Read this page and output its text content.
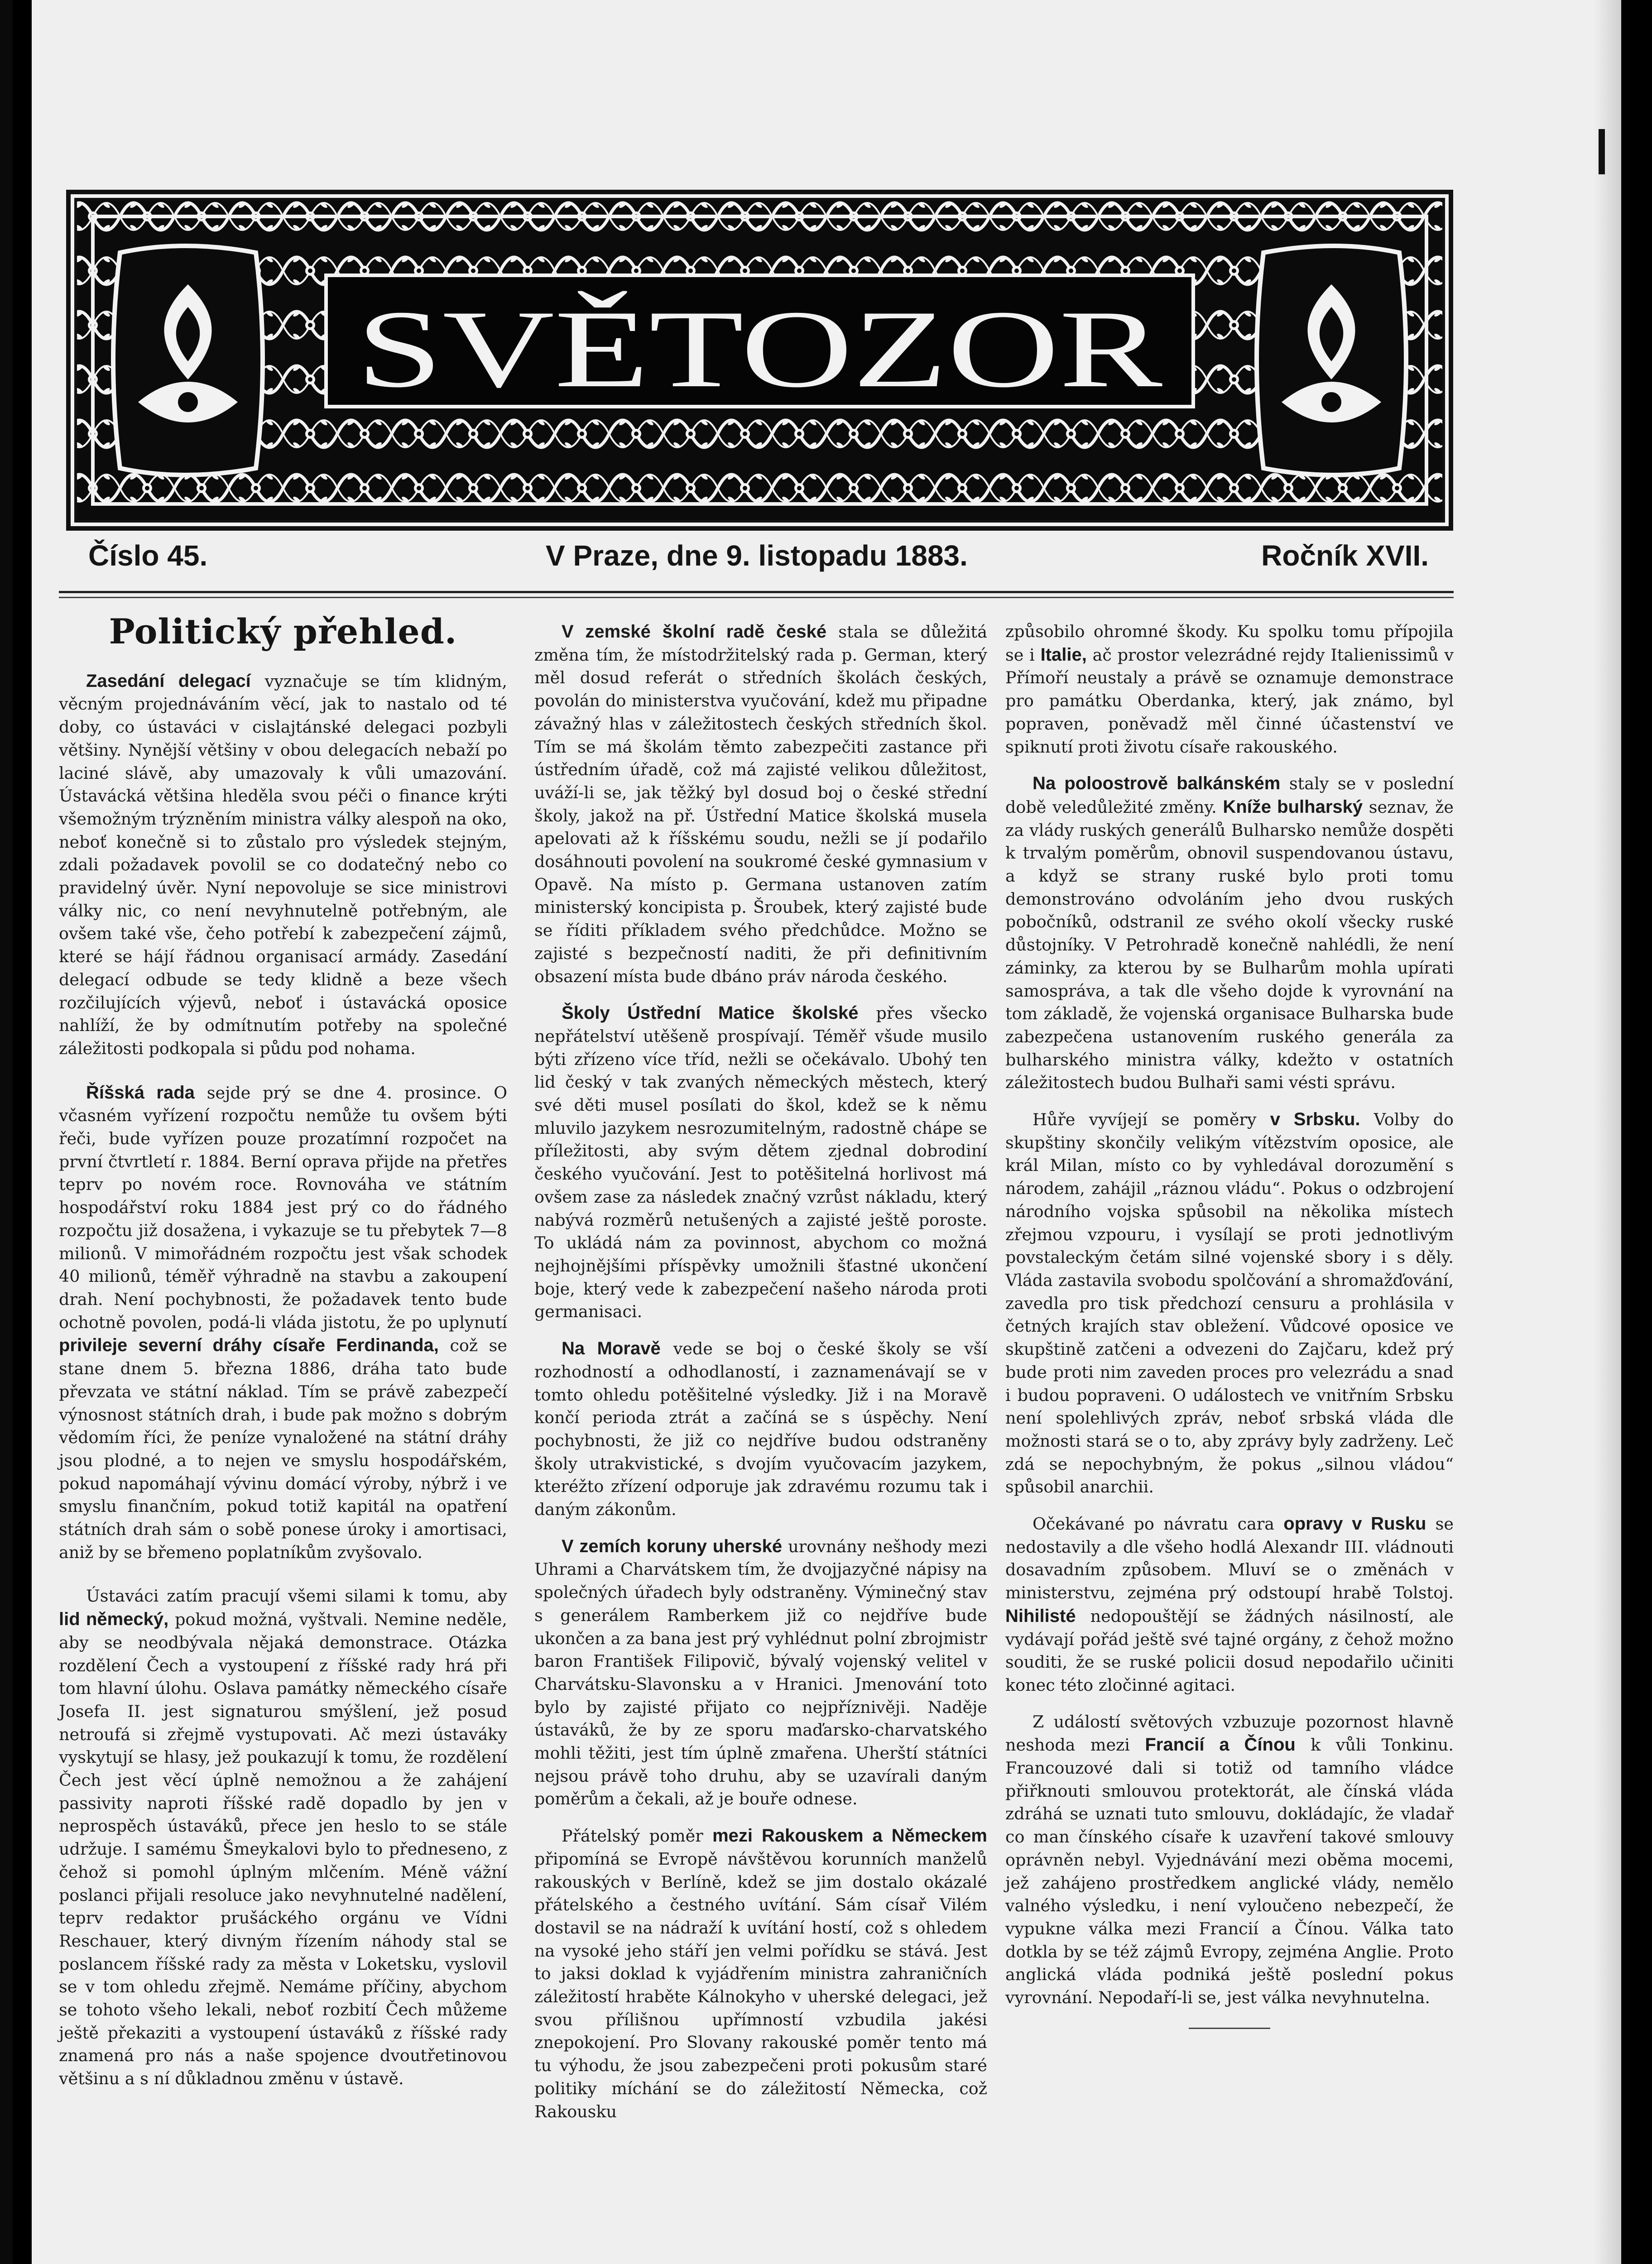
SVĚTOZOR
Číslo 45.	V Praze, dne 9. listopadu 1883.	Ročník XVII.
Politický přehled.

Zasedání delegací vyznačuje se tím klidným, věcným projednáváním věcí, jak to nastalo od té doby, co ústaváci v cislajtánské delegaci pozbyli většiny. Nynější většiny v obou delegacích nebaží po laciné slávě, aby umazovaly k vůli umazování. Ústavácká většina hleděla svou péči o finance krýti všemožným trýzněním ministra války alespoň na oko, neboť konečně si to zůstalo pro výsledek stejným, zdali požadavek povolil se co dodatečný nebo co pravidelný úvěr. Nyní nepovoluje se sice ministrovi války nic, co není nevyhnutelně potřebným, ale ovšem také vše, čeho potřebí k zabezpečení zájmů, které se hájí řádnou organisací armády. Zasedání delegací odbude se tedy klidně a beze všech rozčilujících výjevů, neboť i ústavácká oposice nahlíží, že by odmítnutím potřeby na společné záležitosti podkopala si půdu pod nohama.

Říšská rada sejde prý se dne 4. prosince. O včasném vyřízení rozpočtu nemůže tu ovšem býti řeči, bude vyřízen pouze prozatímní rozpočet na první čtvrtletí r. 1884. Berní oprava přijde na přetřes teprv po novém roce. Rovnováha ve státním hospodářství roku 1884 jest prý co do řádného rozpočtu již dosažena, i vykazuje se tu přebytek 7—8 milionů. V mimořádném rozpočtu jest však schodek 40 milionů, téměř výhradně na stavbu a zakoupení drah. Není pochybnosti, že požadavek tento bude ochotně povolen, podá-li vláda jistotu, že po uplynutí privileje severní dráhy císaře Ferdinanda, což se stane dnem 5. března 1886, dráha tato bude převzata ve státní náklad. Tím se právě zabezpečí výnosnost státních drah, i bude pak možno s dobrým vědomím říci, že peníze vynaložené na státní dráhy jsou plodné, a to nejen ve smyslu hospodářském, pokud napomáhají vývinu domácí výroby, nýbrž i ve smyslu finančním, pokud totiž kapitál na opatření státních drah sám o sobě ponese úroky i amortisaci, aniž by se břemeno poplatníkům zvyšovalo.

Ústaváci zatím pracují všemi silami k tomu, aby lid německý, pokud možná, vyštvali. Nemine neděle, aby se neodbývala nějaká demonstrace. Otázka rozdělení Čech a vystoupení z říšské rady hrá při tom hlavní úlohu. Oslava památky německého císaře Josefa II. jest signaturou smýšlení, jež posud netroufá si zřejmě vystupovati. Ač mezi ústaváky vyskytují se hlasy, jež poukazují k tomu, že rozdělení Čech jest věcí úplně nemožnou a že zahájení passivity naproti říšské radě dopadlo by jen v neprospěch ústaváků, přece jen heslo to se stále udržuje. I samému Šmeykalovi bylo to předneseno, z čehož si pomohl úplným mlčením. Méně vážní poslanci přijali resoluce jako nevyhnutelné nadělení, teprv redaktor prušáckého orgánu ve Vídni Reschauer, který divným řízením náhody stal se poslancem říšské rady za města v Loketsku, vyslovil se v tom ohledu zřejmě. Nemáme příčiny, abychom se tohoto všeho lekali, neboť rozbití Čech můžeme ještě překaziti a vystoupení ústaváků z říšské rady znamená pro nás a naše spojence dvoutřetinovou většinu a s ní důkladnou změnu v ústavě.

V zemské školní radě české stala se důležitá změna tím, že místodržitelský rada p. German, který měl dosud referát o středních školách českých, povolán do ministerstva vyučování, kdež mu připadne závažný hlas v záležitostech českých středních škol. Tím se má školám těmto zabezpečiti zastance při ústředním úřadě, což má zajisté velikou důležitost, uváží-li se, jak těžký byl dosud boj o české střední školy, jakož na př. Ústřední Matice školská musela apelovati až k říšskému soudu, nežli se jí podařilo dosáhnouti povolení na soukromé české gymnasium v Opavě. Na místo p. Germana ustanoven zatím ministerský koncipista p. Šroubek, který zajisté bude se říditi příkladem svého předchůdce. Možno se zajisté s bezpečností naditi, že při definitivním obsazení místa bude dbáno práv národa českého.

Školy Ústřední Matice školské přes všecko nepřátelství utěšeně prospívají. Téměř všude musilo býti zřízeno více tříd, nežli se očekávalo. Ubohý ten lid český v tak zvaných německých městech, který své děti musel posílati do škol, kdež se k němu mluvilo jazykem nesrozumitelným, radostně chápe se příležitosti, aby svým dětem zjednal dobrodiní českého vyučování. Jest to potěšitelná horlivost má ovšem zase za následek značný vzrůst nákladu, který nabývá rozměrů netušených a zajisté ještě poroste. To ukládá nám za povinnost, abychom co možná nejhojnějšími příspěvky umožnili šťastné ukončení boje, který vede k zabezpečení našeho národa proti germanisaci.

Na Moravě vede se boj o české školy se vší rozhodností a odhodlaností, i zaznamenávají se v tomto ohledu potěšitelné výsledky. Již i na Moravě končí perioda ztrát a začíná se s úspěchy. Není pochybnosti, že již co nejdříve budou odstraněny školy utrakvistické, s dvojím vyučovacím jazykem, kteréžto zřízení odporuje jak zdravému rozumu tak i daným zákonům.

V zemích koruny uherské urovnány nešhody mezi Uhrami a Charvátskem tím, že dvojjazyčné nápisy na společných úřadech byly odstraněny. Výminečný stav s generálem Ramberkem již co nejdříve bude ukončen a za bana jest prý vyhlédnut polní zbrojmistr baron František Filipovič, bývalý vojenský velitel v Charvátsku-Slavonsku a v Hranici. Jmenování toto bylo by zajisté přijato co nejpříznivěji. Naděje ústaváků, že by ze sporu maďarsko-charvatského mohli těžiti, jest tím úplně zmařena. Uherští státníci nejsou právě toho druhu, aby se uzavírali daným poměrům a čekali, až je bouře odnese.

Přátelský poměr mezi Rakouskem a Německem připomíná se Evropě návštěvou korunních manželů rakouských v Berlíně, kdež se jim dostalo okázalé přátelského a čestného uvítání. Sám císař Vilém dostavil se na nádraží k uvítání hostí, což s ohledem na vysoké jeho stáří jen velmi pořídku se stává. Jest to jaksi doklad k vyjádřením ministra zahraničních záležitostí hraběte Kálnokyho v uherské delegaci, jež svou přílišnou upřímností vzbudila jakési znepokojení. Pro Slovany rakouské poměr tento má tu výhodu, že jsou zabezpečeni proti pokusům staré politiky míchání se do záležitostí Německa, což Rakousku

způsobilo ohromné škody. Ku spolku tomu přípojila se i Italie, ač prostor velezrádné rejdy Italienissimů v Přímoří neustaly a právě se oznamuje demonstrace pro památku Oberdanka, který, jak známo, byl popraven, poněvadž měl činné účastenství ve spiknutí proti životu císaře rakouského.

Na poloostrově balkánském staly se v poslední době veledůležité změny. Kníže bulharský seznav, že za vlády ruských generálů Bulharsko nemůže dospěti k trvalým poměrům, obnovil suspendovanou ústavu, a když se strany ruské bylo proti tomu demonstrováno odvoláním jeho dvou ruských pobočníků, odstranil ze svého okolí všecky ruské důstojníky. V Petrohradě konečně nahlédli, že není záminky, za kterou by se Bulharům mohla upírati samospráva, a tak dle všeho dojde k vyrovnání na tom základě, že vojenská organisace Bulharska bude zabezpečena ustanovením ruského generála za bulharského ministra války, kdežto v ostatních záležitostech budou Bulhaři sami vésti správu.

Hůře vyvíjejí se poměry v Srbsku. Volby do skupštiny skončily velikým vítězstvím oposice, ale král Milan, místo co by vyhledával dorozumění s národem, zahájil „ráznou vládu“. Pokus o odzbrojení národního vojska spůsobil na několika místech zřejmou vzpouru, i vysílají se proti jednotlivým povstaleckým četám silné vojenské sbory i s děly. Vláda zastavila svobodu spolčování a shromažďování, zavedla pro tisk předchozí censuru a prohlásila v četných krajích stav obležení. Vůdcové oposice ve skupštině zatčeni a odvezeni do Zajčaru, kdež prý bude proti nim zaveden proces pro velezrádu a snad i budou popraveni. O událostech ve vnitřním Srbsku není spolehlivých zpráv, neboť srbská vláda dle možnosti stará se o to, aby zprávy byly zadrženy. Leč zdá se nepochybným, že pokus „silnou vládou“ spůsobil anarchii.

Očekávané po návratu cara opravy v Rusku se nedostavily a dle všeho hodlá Alexandr III. vládnouti dosavadním způsobem. Mluví se o změnách v ministerstvu, zejména prý odstoupí hrabě Tolstoj. Nihilisté nedopouštějí se žádných násilností, ale vydávají pořád ještě své tajné orgány, z čehož možno souditi, že se ruské policii dosud nepodařilo učiniti konec této zločinné agitaci.

Z událostí světových vzbuzuje pozornost hlavně neshoda mezi Francií a Čínou k vůli Tonkinu. Francouzové dali si totiž od tamního vládce přiřknouti smlouvou protektorát, ale čínská vláda zdráhá se uznati tuto smlouvu, dokládajíc, že vladař co man čínského císaře k uzavření takové smlouvy oprávněn nebyl. Vyjednávání mezi oběma mocemi, jež zahájeno prostředkem anglické vlády, nemělo valného výsledku, i není vyloučeno nebezpečí, že vypukne válka mezi Francií a Čínou. Válka tato dotkla by se též zájmů Evropy, zejména Anglie. Proto anglická vláda podniká ještě poslední pokus vyrovnání. Nepodaří-li se, jest válka nevyhnutelna.
